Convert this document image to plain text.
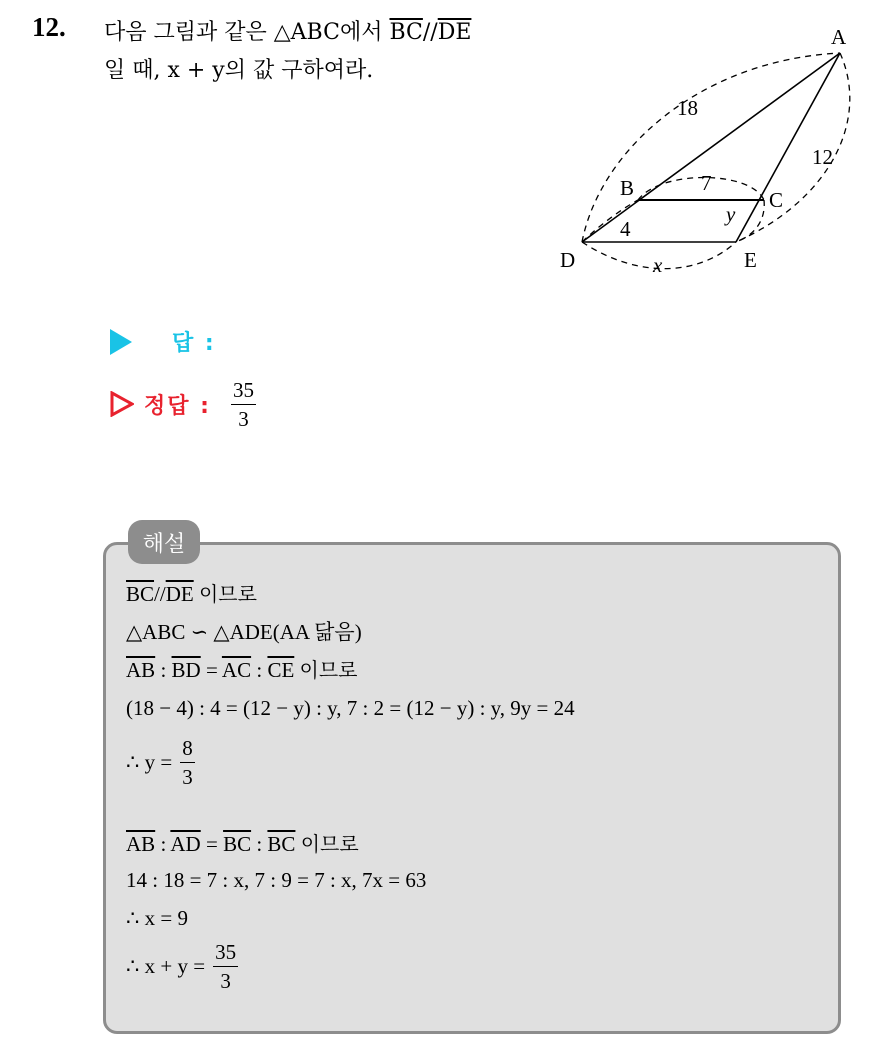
12. 다음 그림과 같은 △ABC에서 $\overline{BC}//\overline{DE}$
일 때, x + y의 값 구하여라.
A
B	C
D	E
18
12
7
4
y
x
답 :
정답 : $\frac{35}{3}$
해설
$\overline{BC}//\overline{DE}$ 이므로
△ABC ∽ △ADE(AA 닮음)
$\overline{AB}$ : $\overline{BD} = \overline{AC}$ : $\overline{CE}$ 이므로
(18 − 4) : 4 = (12 − y) : y, 7 : 2 = (12 − y) : y, 9y = 24
∴ $y = \frac{8}{3}$
$\overline{AB}$ : $\overline{AD} = \overline{BC}$ : $\overline{BC}$ 이므로
14 : 18 = 7 : x, 7 : 9 = 7 : x, 7x = 63
∴ x = 9
∴ $x + y = \frac{35}{3}$
